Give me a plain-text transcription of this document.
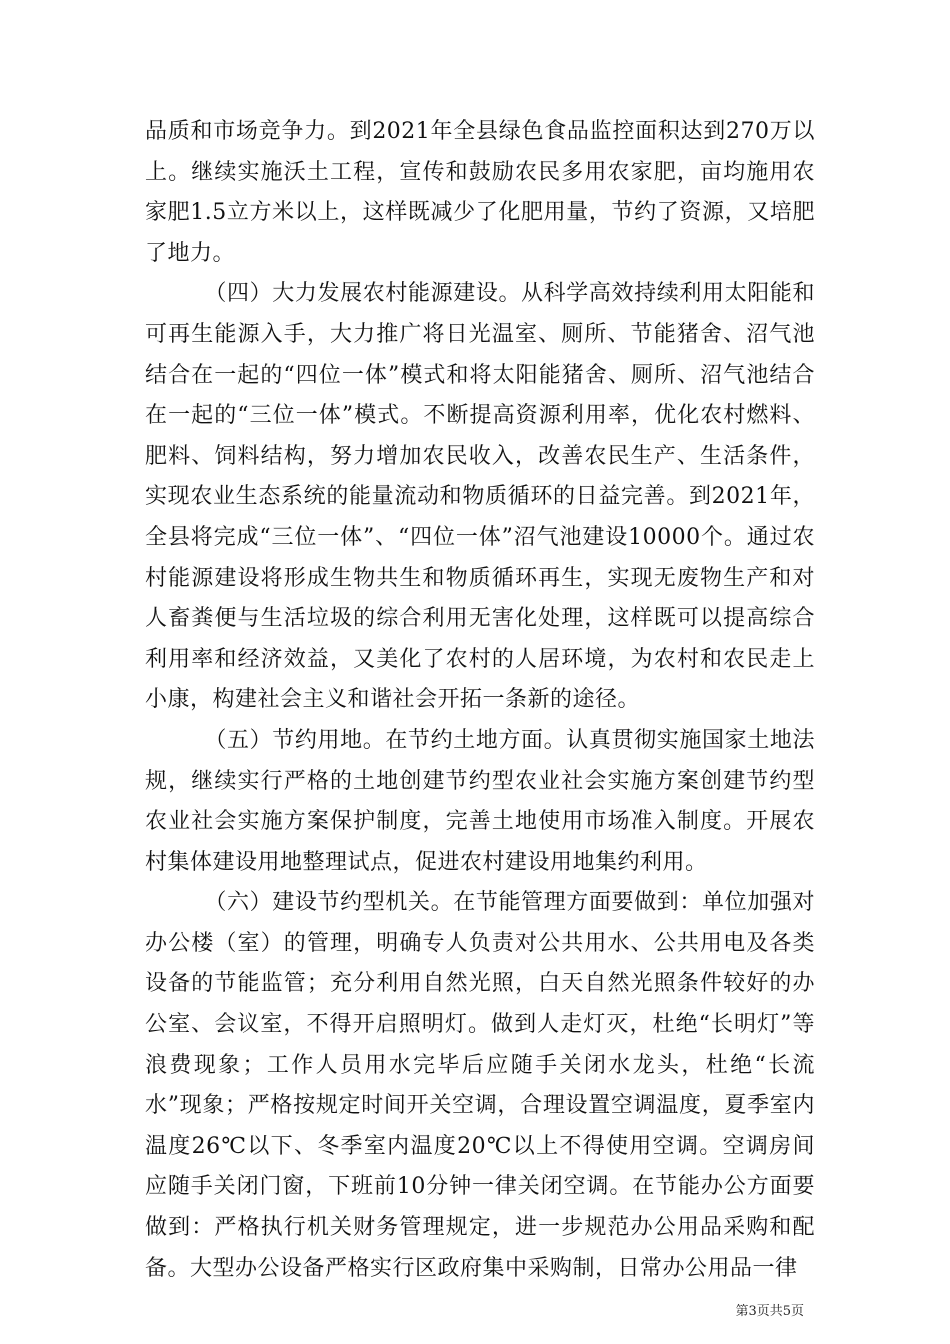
品质和市场竞争力。到2021年全县绿色食品监控面积达到270万以上。继续实施沃土工程，宣传和鼓励农民多用农家肥，亩均施用农家肥1.5立方米以上，这样既减少了化肥用量，节约了资源，又培肥了地力。

（四）大力发展农村能源建设。从科学高效持续利用太阳能和可再生能源入手，大力推广将日光温室、厕所、节能猪舍、沼气池结合在一起的“四位一体”模式和将太阳能猪舍、厕所、沼气池结合在一起的“三位一体”模式。不断提高资源利用率，优化农村燃料、肥料、饲料结构，努力增加农民收入，改善农民生产、生活条件，实现农业生态系统的能量流动和物质循环的日益完善。到2021年，全县将完成“三位一体”、“四位一体”沼气池建设10000个。通过农村能源建设将形成生物共生和物质循环再生，实现无废物生产和对人畜粪便与生活垃圾的综合利用无害化处理，这样既可以提高综合利用率和经济效益，又美化了农村的人居环境，为农村和农民走上小康，构建社会主义和谐社会开拓一条新的途径。

（五）节约用地。在节约土地方面。认真贯彻实施国家土地法规，继续实行严格的土地创建节约型农业社会实施方案创建节约型农业社会实施方案保护制度，完善土地使用市场准入制度。开展农村集体建设用地整理试点，促进农村建设用地集约利用。

（六）建设节约型机关。在节能管理方面要做到：单位加强对办公楼（室）的管理，明确专人负责对公共用水、公共用电及各类设备的节能监管；充分利用自然光照，白天自然光照条件较好的办公室、会议室，不得开启照明灯。做到人走灯灭，杜绝“长明灯”等浪费现象；工作人员用水完毕后应随手关闭水龙头，杜绝“长流水”现象；严格按规定时间开关空调，合理设置空调温度，夏季室内温度26℃以下、冬季室内温度20℃以上不得使用空调。空调房间应随手关闭门窗，下班前10分钟一律关闭空调。在节能办公方面要做到：严格执行机关财务管理规定，进一步规范办公用品采购和配备。大型办公设备严格实行区政府集中采购制，日常办公用品一律

第3页共5页
